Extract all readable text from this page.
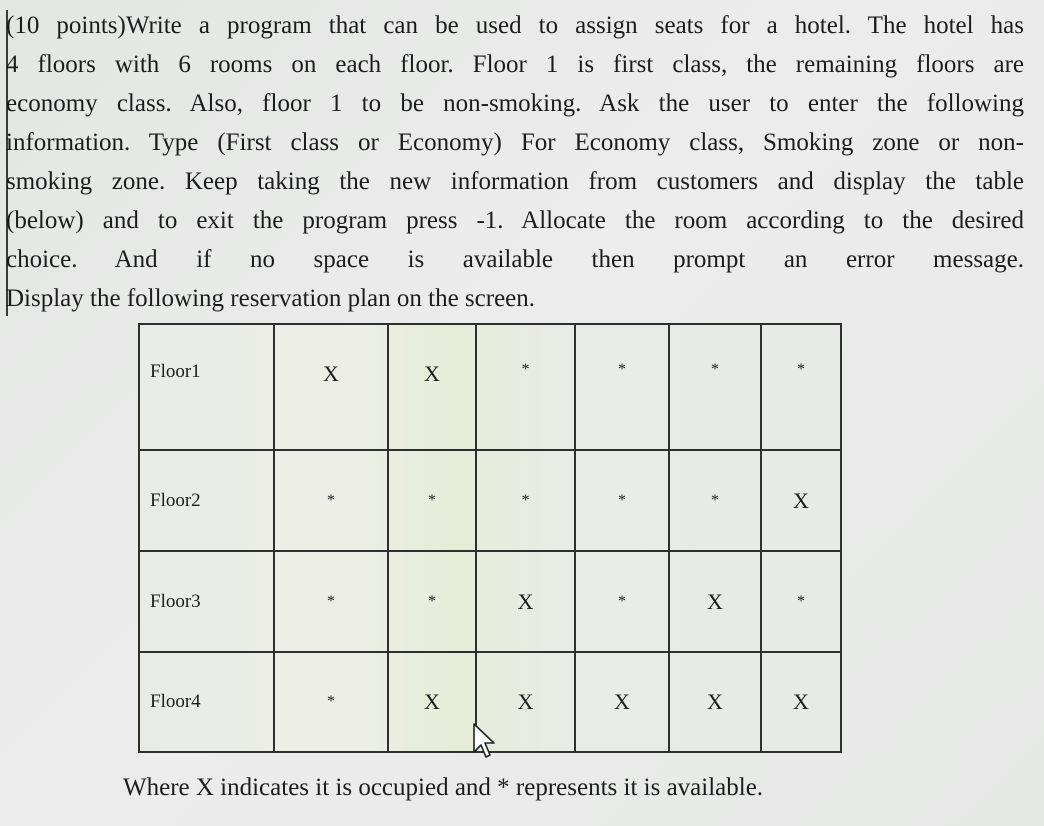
(10 points)Write a program that can be used to assign seats for a hotel. The hotel has
4 floors with 6 rooms on each floor. Floor 1 is first class, the remaining floors are
economy class. Also, floor 1 to be non-smoking. Ask the user to enter the following
information. Type (First class or Economy) For Economy class, Smoking zone or non-
smoking zone. Keep taking the new information from customers and display the table
(below) and to exit the program press -1. Allocate the room according to the desired
choice. And if no space is available then prompt an error message.
Display the following reservation plan on the screen.

Floor1	X	X	*	*	*	*
Floor2	*	*	*	*	*	X
Floor3	*	*	X	*	X	*
Floor4	*	X	X	X	X	X

Where X indicates it is occupied and * represents it is available.
